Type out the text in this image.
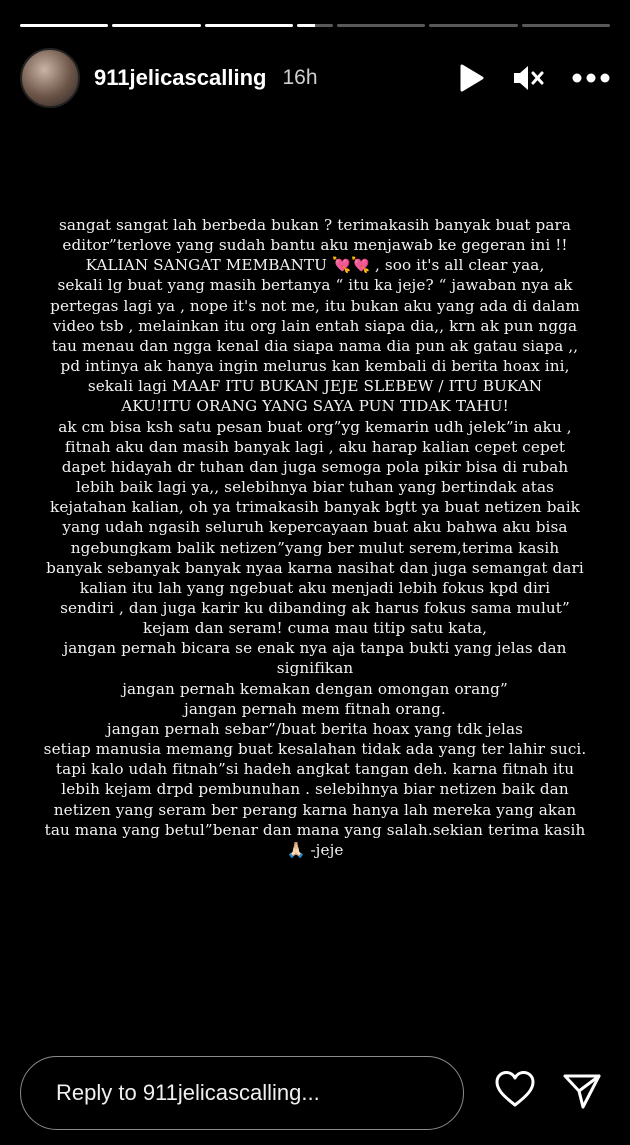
911jelicascalling 16h
sangat sangat lah berbeda bukan ? terimakasih banyak buat para
editor”terlove yang sudah bantu aku menjawab ke gegeran ini !!
KALIAN SANGAT MEMBANTU 💘💘 , soo it's all clear yaa,
sekali lg buat yang masih bertanya “ itu ka jeje? “ jawaban nya ak
pertegas lagi ya , nope it's not me, itu bukan aku yang ada di dalam
video tsb , melainkan itu org lain entah siapa dia,, krn ak pun ngga
tau menau dan ngga kenal dia siapa nama dia pun ak gatau siapa ,,
pd intinya ak hanya ingin melurus kan kembali di berita hoax ini,
sekali lagi MAAF ITU BUKAN JEJE SLEBEW / ITU BUKAN
AKU!ITU ORANG YANG SAYA PUN TIDAK TAHU!
ak cm bisa ksh satu pesan buat org”yg kemarin udh jelek”in aku ,
fitnah aku dan masih banyak lagi , aku harap kalian cepet cepet
dapet hidayah dr tuhan dan juga semoga pola pikir bisa di rubah
lebih baik lagi ya,, selebihnya biar tuhan yang bertindak atas
kejatahan kalian, oh ya trimakasih banyak bgtt ya buat netizen baik
yang udah ngasih seluruh kepercayaan buat aku bahwa aku bisa
ngebungkam balik netizen”yang ber mulut serem,terima kasih
banyak sebanyak banyak nyaa karna nasihat dan juga semangat dari
kalian itu lah yang ngebuat aku menjadi lebih fokus kpd diri
sendiri , dan juga karir ku dibanding ak harus fokus sama mulut”
kejam dan seram! cuma mau titip satu kata,
jangan pernah bicara se enak nya aja tanpa bukti yang jelas dan
signifikan
jangan pernah kemakan dengan omongan orang”
jangan pernah mem fitnah orang.
jangan pernah sebar”/buat berita hoax yang tdk jelas
setiap manusia memang buat kesalahan tidak ada yang ter lahir suci.
tapi kalo udah fitnah”si hadeh angkat tangan deh. karna fitnah itu
lebih kejam drpd pembunuhan . selebihnya biar netizen baik dan
netizen yang seram ber perang karna hanya lah mereka yang akan
tau mana yang betul”benar dan mana yang salah.sekian terima kasih
🙏🏻 -jeje
Reply to 911jelicascalling...
